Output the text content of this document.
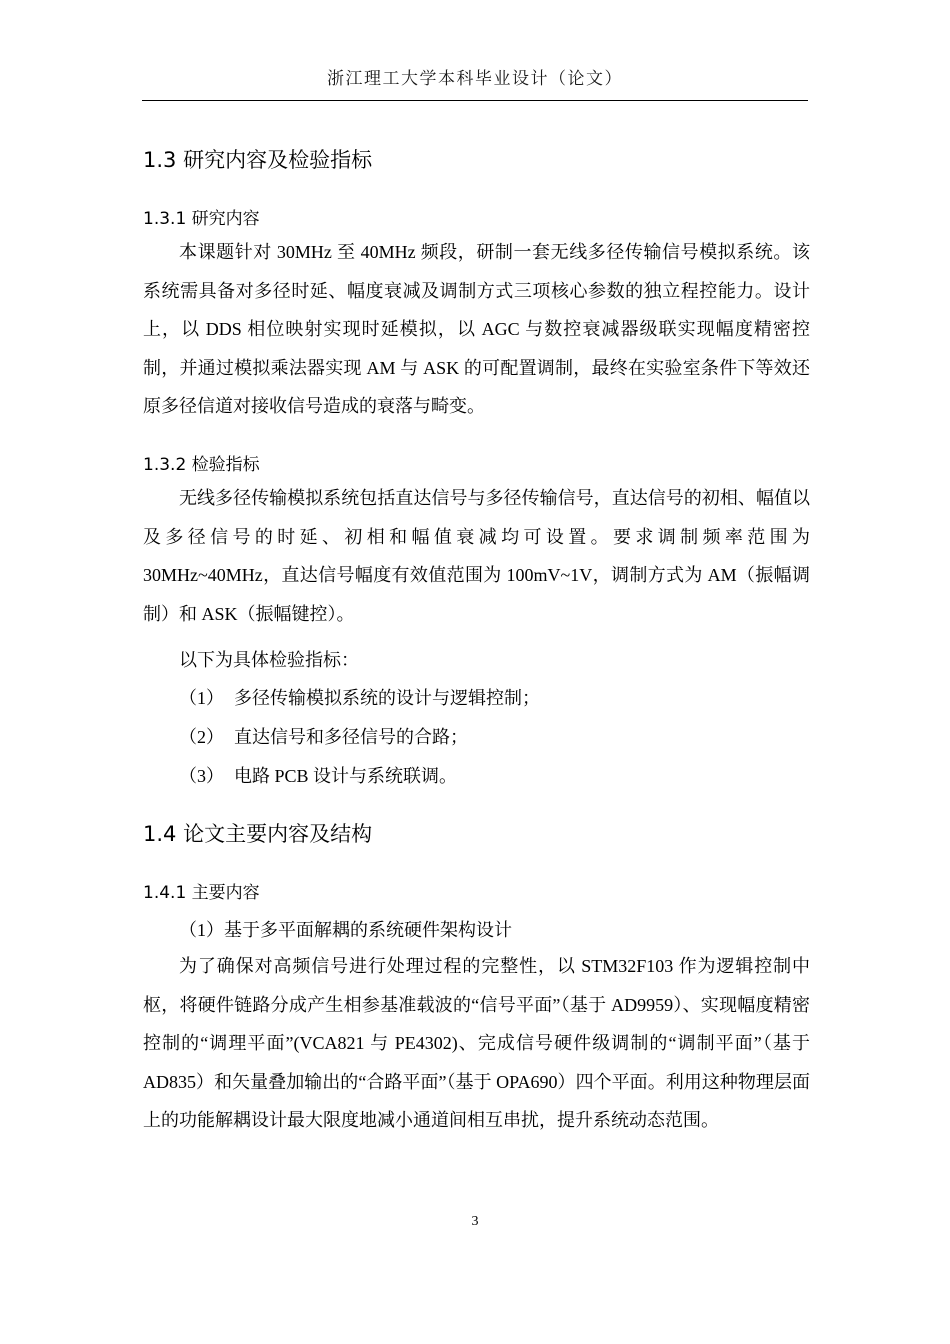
浙江理工大学本科毕业设计（论文）
1.3 研究内容及检验指标
1.3.1 研究内容
本课题针对 30MHz 至 40MHz 频段，研制一套无线多径传输信号模拟系统。该系统需具备对多径时延、幅度衰减及调制方式三项核心参数的独立程控能力。设计上，以 DDS 相位映射实现时延模拟，以 AGC 与数控衰减器级联实现幅度精密控制，并通过模拟乘法器实现 AM 与 ASK 的可配置调制，最终在实验室条件下等效还原多径信道对接收信号造成的衰落与畸变。
1.3.2 检验指标
无线多径传输模拟系统包括直达信号与多径传输信号，直达信号的初相、幅值以及多径信号的时延、初相和幅值衰减均可设置。要求调制频率范围为30MHz~40MHz，直达信号幅度有效值范围为 100mV~1V，调制方式为 AM（振幅调制）和 ASK（振幅键控）。
以下为具体检验指标：
（1） 多径传输模拟系统的设计与逻辑控制；
（2） 直达信号和多径信号的合路；
（3） 电路 PCB 设计与系统联调。
1.4 论文主要内容及结构
1.4.1 主要内容
（1）基于多平面解耦的系统硬件架构设计
为了确保对高频信号进行处理过程的完整性，以 STM32F103 作为逻辑控制中枢，将硬件链路分成产生相参基准载波的“信号平面”（基于 AD9959）、实现幅度精密控制的“调理平面”(VCA821 与 PE4302)、完成信号硬件级调制的“调制平面”（基于 AD835）和矢量叠加输出的“合路平面”（基于 OPA690）四个平面。利用这种物理层面上的功能解耦设计最大限度地减小通道间相互串扰，提升系统动态范围。
3
